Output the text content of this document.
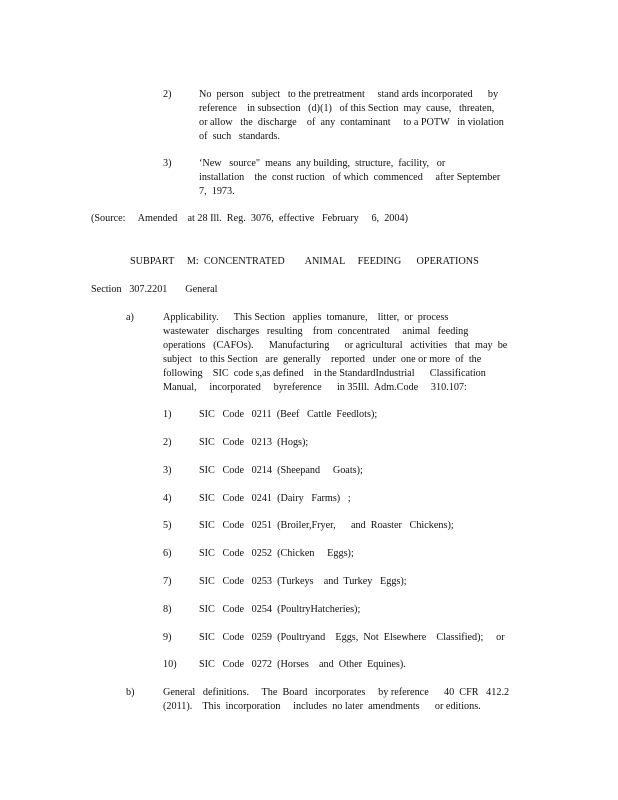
2)	No  person   subject   to the pretreatment     stand ards incorporated      by
reference    in subsection   (d)(1)   of this Section  may  cause,   threaten,
or allow   the  discharge    of  any  contaminant     to a POTW   in violation
of  such   standards.
3)	‘New   source"  means  any building,  structure,  facility,   or
installation    the  const ruction   of which  commenced     after September
7,  1973.
(Source:     Amended    at 28 Ill.  Reg.  3076,  effective   February     6,  2004)
SUBPART     M:  CONCENTRATED        ANIMAL     FEEDING      OPERATIONS
Section   307.2201       General
a)	Applicability.      This Section   applies  tomanure,    litter,  or  process
wastewater   discharges   resulting    from  concentrated     animal   feeding
operations   (CAFOs).      Manufacturing      or agricultural   activities   that  may  be
subject   to this Section   are  generally    reported   under  one or more  of  the
following    SIC  code s,as defined    in the StandardIndustrial      Classification
Manual,     incorporated     byreference      in 35Ill.  Adm.Code     310.107:
1)	SIC   Code   0211  (Beef   Cattle  Feedlots);
2)	SIC   Code   0213  (Hogs);
3)	SIC   Code   0214  (Sheepand     Goats);
4)	SIC   Code   0241  (Dairy   Farms)   ;
5)	SIC   Code   0251  (Broiler,Fryer,      and  Roaster   Chickens);
6)	SIC   Code   0252  (Chicken     Eggs);
7)	SIC   Code   0253  (Turkeys    and  Turkey   Eggs);
8)	SIC   Code   0254  (PoultryHatcheries);
9)	SIC   Code   0259  (Poultryand    Eggs,  Not  Elsewhere    Classified);     or
10) SIC   Code   0272  (Horses    and  Other  Equines).
b)	General   definitions.     The  Board   incorporates     by reference      40  CFR   412.2
(2011).    This  incorporation     includes  no later  amendments      or editions.
